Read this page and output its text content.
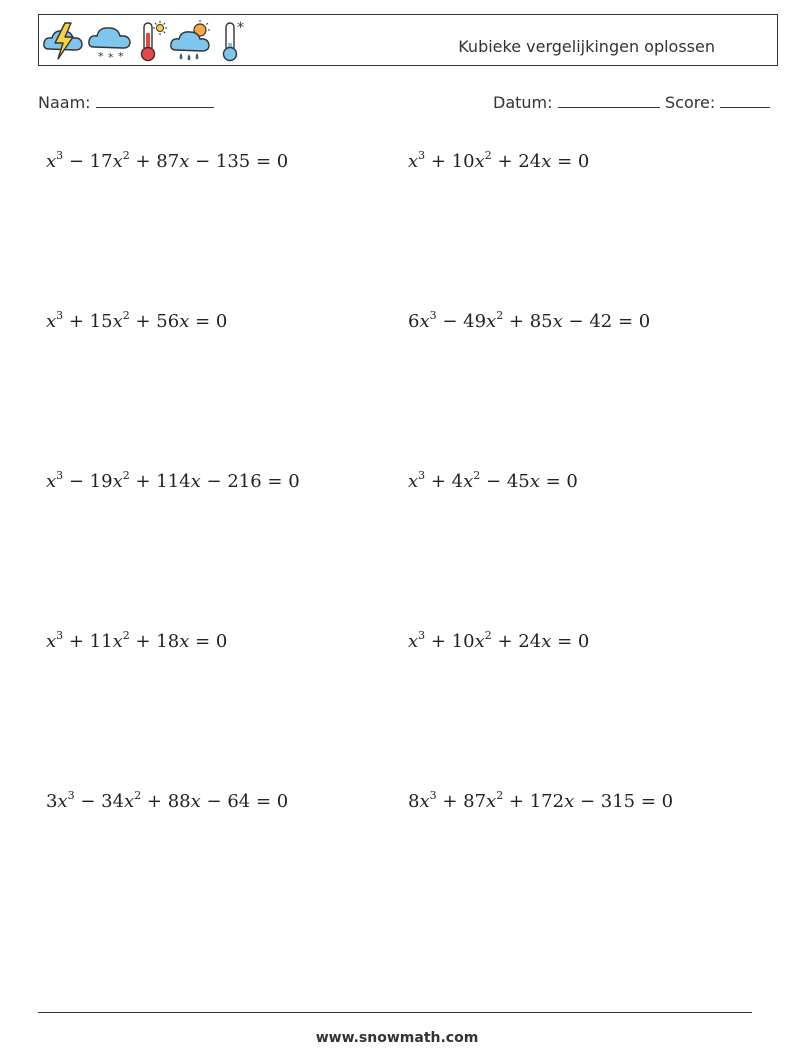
* * *
*
Kubieke vergelijkingen oplossen
Naam:	Datum:	Score:
$x^3 - 17x^2 + 87x - 135 = 0$	$x^3 + 10x^2 + 24x = 0$
$x^3 + 15x^2 + 56x = 0$	$6x^3 - 49x^2 + 85x - 42 = 0$
$x^3 - 19x^2 + 114x - 216 = 0$	$x^3 + 4x^2 - 45x = 0$
$x^3 + 11x^2 + 18x = 0$	$x^3 + 10x^2 + 24x = 0$
$3x^3 - 34x^2 + 88x - 64 = 0$	$8x^3 + 87x^2 + 172x - 315 = 0$
www.snowmath.com
